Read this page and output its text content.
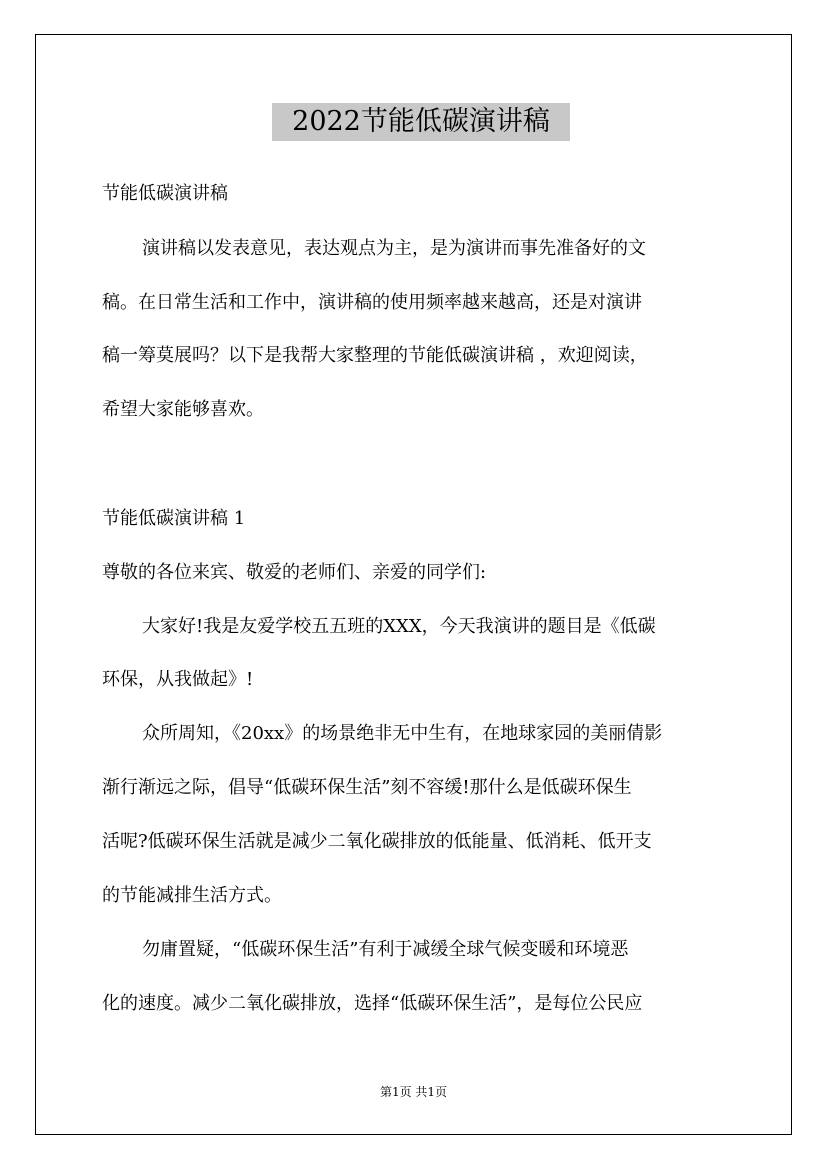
2022节能低碳演讲稿
节能低碳演讲稿
演讲稿以发表意见，表达观点为主，是为演讲而事先准备好的文
稿。在日常生活和工作中，演讲稿的使用频率越来越高，还是对演讲
稿一筹莫展吗？以下是我帮大家整理的节能低碳演讲稿 ，欢迎阅读，
希望大家能够喜欢。
节能低碳演讲稿 1
尊敬的各位来宾、敬爱的老师们、亲爱的同学们:
大家好!我是友爱学校五五班的XXX，今天我演讲的题目是《低碳
环保，从我做起》!
众所周知，《20xx》的场景绝非无中生有，在地球家园的美丽倩影
渐行渐远之际，倡导“低碳环保生活”刻不容缓!那什么是低碳环保生
活呢?低碳环保生活就是减少二氧化碳排放的低能量、低消耗、低开支
的节能减排生活方式。
勿庸置疑，“低碳环保生活”有利于减缓全球气候变暖和环境恶
化的速度。减少二氧化碳排放，选择“低碳环保生活”，是每位公民应
第1页 共1页
